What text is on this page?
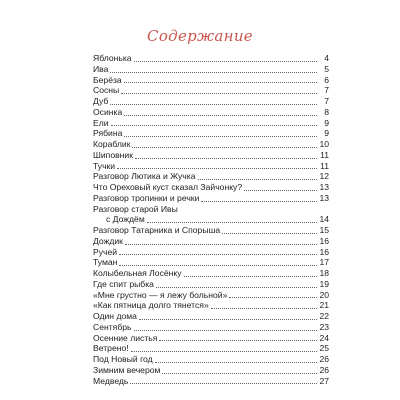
Содержание
Яблонька	4
Ива	5
Берёза	6
Сосны	7
Дуб	7
Осинка	8
Ели	9
Рябина	9
Кораблик	10
Шиповник	11
Тучки	11
Разговор Лютика и Жучка	12
Что Ореховый куст сказал Зайчонку?	13
Разговор тропинки и речки	13
Разговор старой Ивы
с Дождём	14
Разговор Татарника и Спорыша	15
Дождик	16
Ручей	16
Туман	17
Колыбельная Лосёнку	18
Где спит рыбка	19
«Мне грустно — я лежу больной»	20
«Как пятница долго тянется»	21
Один дома	22
Сентябрь	23
Осенние листья	24
Ветрено!	25
Под Новый год	26
Зимним вечером	26
Медведь	27
